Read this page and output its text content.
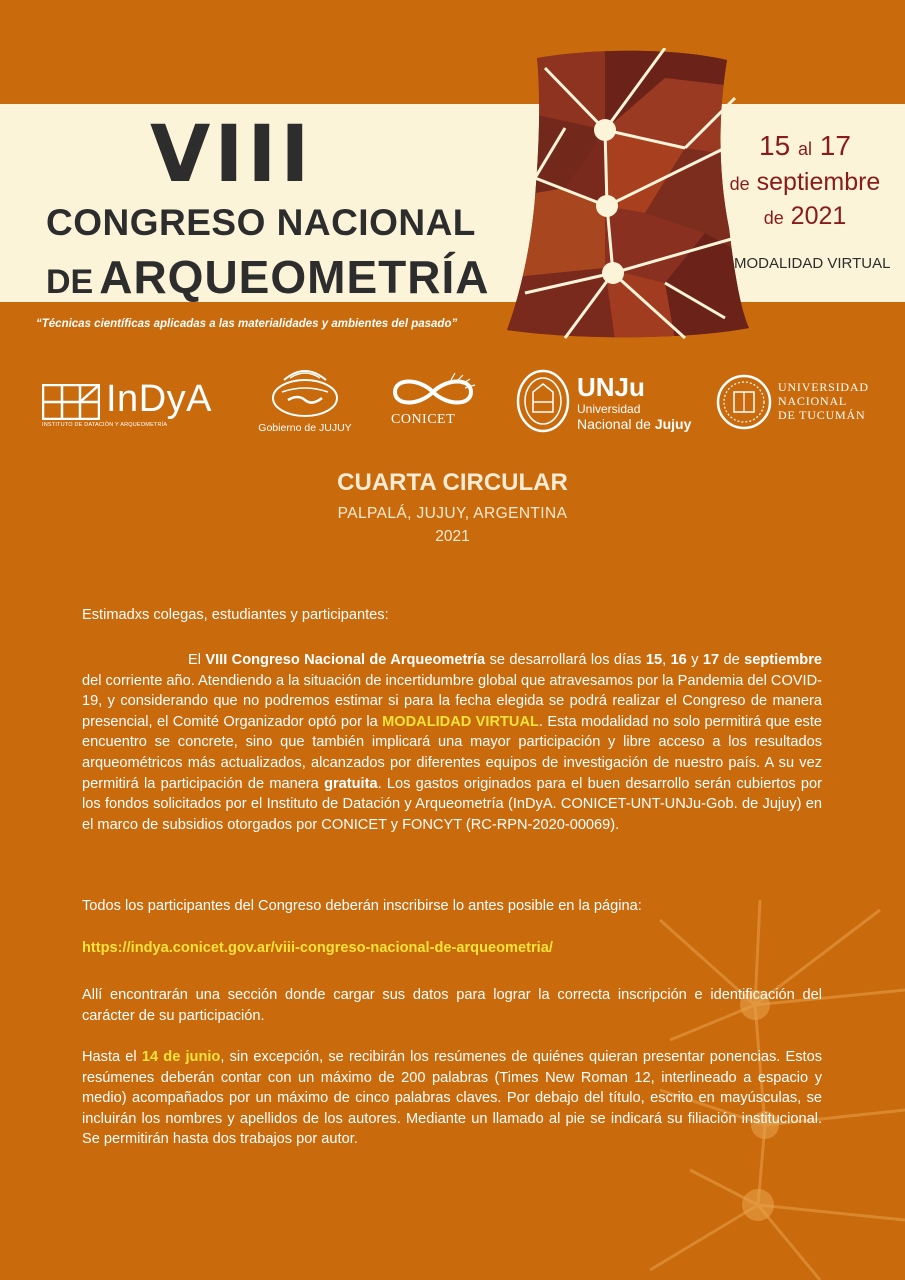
VIII
CONGRESO NACIONAL
DE ARQUEOMETRÍA
“Técnicas científicas aplicadas a las materialidades y ambientes del pasado”
15 al 17
de septiembre
de 2021
MODALIDAD VIRTUAL
InDyA
INSTITUTO DE DATACIÓN Y ARQUEOMETRÍA	Gobierno de JUJUY
CONICET
UNJu
Universidad
Nacional de Jujuy
UNIVERSIDAD
NACIONAL
DE TUCUMÁN
CUARTA CIRCULAR
PALPALÁ, JUJUY, ARGENTINA
2021
Estimadxs colegas, estudiantes y participantes:
El VIII Congreso Nacional de Arqueometría se desarrollará los días 15, 16 y 17 de septiembre del corriente año. Atendiendo a la situación de incertidumbre global que atravesamos por la Pandemia del COVID-19, y considerando que no podremos estimar si para la fecha elegida se podrá realizar el Congreso de manera presencial, el Comité Organizador optó por la MODALIDAD VIRTUAL. Esta modalidad no solo permitirá que este encuentro se concrete, sino que también implicará una mayor participación y libre acceso a los resultados arqueométricos más actualizados, alcanzados por diferentes equipos de investigación de nuestro país. A su vez permitirá la participación de manera gratuita. Los gastos originados para el buen desarrollo serán cubiertos por los fondos solicitados por el Instituto de Datación y Arqueometría (InDyA. CONICET-UNT-UNJu-Gob. de Jujuy) en el marco de subsidios otorgados por CONICET y FONCYT (RC-RPN-2020-00069).
Todos los participantes del Congreso deberán inscribirse lo antes posible en la página:
https://indya.conicet.gov.ar/viii-congreso-nacional-de-arqueometria/
Allí encontrarán una sección donde cargar sus datos para lograr la correcta inscripción e identificación del carácter de su participación.
Hasta el 14 de junio, sin excepción, se recibirán los resúmenes de quiénes quieran presentar ponencias. Estos resúmenes deberán contar con un máximo de 200 palabras (Times New Roman 12, interlineado a espacio y medio) acompañados por un máximo de cinco palabras claves. Por debajo del título, escrito en mayúsculas, se incluirán los nombres y apellidos de los autores. Mediante un llamado al pie se indicará su filiación institucional. Se permitirán hasta dos trabajos por autor.
